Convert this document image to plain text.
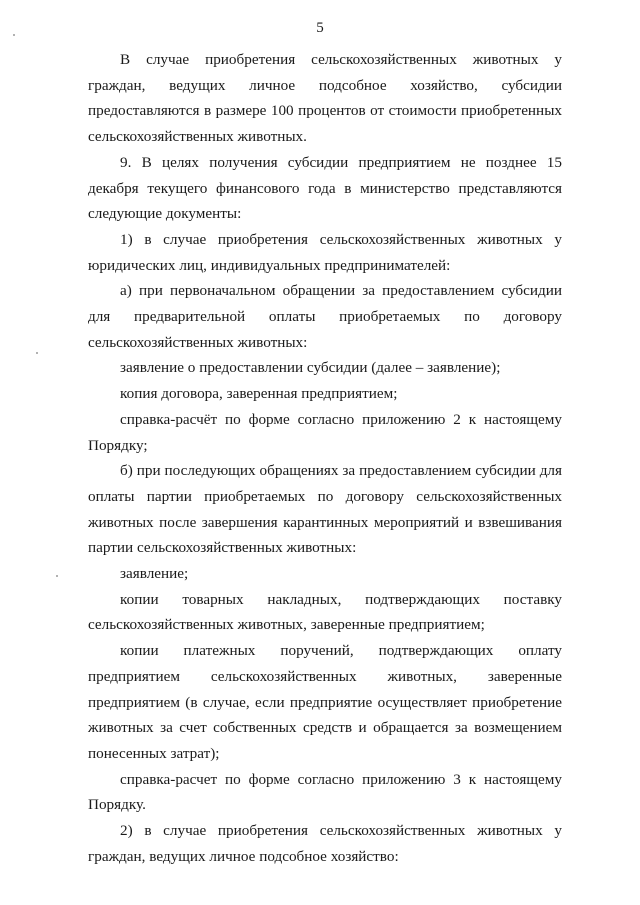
5

В случае приобретения сельскохозяйственных животных у граждан, ведущих личное подсобное хозяйство, субсидии предоставляются в размере 100 процентов от стоимости приобретенных сельскохозяйственных животных.

9. В целях получения субсидии предприятием не позднее 15 декабря текущего финансового года в министерство представляются следующие документы:

1) в случае приобретения сельскохозяйственных животных у юридических лиц, индивидуальных предпринимателей:

а) при первоначальном обращении за предоставлением субсидии для предварительной оплаты приобретаемых по договору сельскохозяйственных животных:

заявление о предоставлении субсидии (далее – заявление);

копия договора, заверенная предприятием;

справка-расчёт по форме согласно приложению 2 к настоящему Порядку;

б) при последующих обращениях за предоставлением субсидии для оплаты партии приобретаемых по договору сельскохозяйственных животных после завершения карантинных мероприятий и взвешивания партии сельскохозяйственных животных:

заявление;

копии товарных накладных, подтверждающих поставку сельскохозяйственных животных, заверенные предприятием;

копии платежных поручений, подтверждающих оплату предприятием сельскохозяйственных животных, заверенные предприятием (в случае, если предприятие осуществляет приобретение животных за счет собственных средств и обращается за возмещением понесенных затрат);

справка-расчет по форме согласно приложению 3 к настоящему Порядку.

2) в случае приобретения сельскохозяйственных животных у граждан, ведущих личное подсобное хозяйство:
